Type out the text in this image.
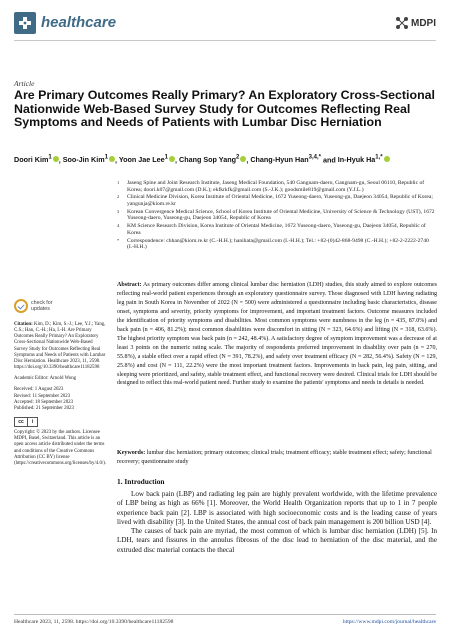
healthcare	MDPI
Article
Are Primary Outcomes Really Primary? An Exploratory Cross-Sectional Nationwide Web-Based Survey Study for Outcomes Reflecting Real Symptoms and Needs of Patients with Lumbar Disc Herniation
Doori Kim$^1$ , Soo-Jin Kim$^1$ , Yoon Jae Lee$^1$ , Chang Sop Yang$^2$ , Chang-Hyun Han$^{3,4,*}$ and In-Hyuk $Ha^{1,*}$
1	Jaseng Spine and Joint Research Institute, Jaseng Medical Foundation, 540 Gangnam-daero, Gangnam-gu, Seoul 06110, Republic of Korea; doori.k07@gmail.com (D.K.); ekfkrkfk@gmail.com (S.-J.K.); goodsmile819@gmail.com (Y.J.L.)
2	Clinical Medicine Division, Korea Institute of Oriental Medicine, 1672 Yuseong-daero, Yuseong-gu, Daejeon 34054, Republic of Korea; yangunja@kiom.re.kr
3	Korean Convergence Medical Science, School of Korea Institute of Oriental Medicine, University of Science & Technology (UST), 1672 Yuseong-daero, Yuseong-gu, Daejeon 34054, Republic of Korea
4	KM Science Research Division, Korea Institute of Oriental Medicine, 1672 Yuseong-daero, Yuseong-gu, Daejeon 34054, Republic of Korea
*	Correspondence: chhan@kiom.re.kr (C.-H.H.); hanihata@gmail.com (I.-H.H.); Tel.: +82-(0)42-868-9498 (C.-H.H.); +82-2-2222-2740 (I.-H.H.)
Abstract: As primary outcomes differ among clinical lumbar disc herniation (LDH) studies, this study aimed to explore outcomes reflecting real-world patient experiences through an exploratory questionnaire survey. Those diagnosed with LDH having radiating leg pain in South Korea in November of 2022 (N = 500) were administered a questionnaire including basic characteristics, disease onset, symptoms and severity, priority symptoms for improvement, and important treatment factors. Outcome measures included the identification of priority symptoms and disabilities. Most common symptoms were numbness in the leg (n = 435, 87.0%) and back pain (n = 406, 81.2%); most common disabilities were discomfort in sitting (N = 323, 64.6%) and lifting (N = 318, 63.6%). The highest priority symptom was back pain (n = 242, 48.4%). A satisfactory degree of symptom improvement was a decrease of at least 3 points on the numeric rating scale. The majority of respondents preferred improvement in disability over pain (n = 270, 55.8%), a stable effect over a rapid effect (N = 391, 78.2%), and safety over treatment efficacy (N = 282, 56.4%). Safety (N = 129, 25.8%) and cost (N = 111, 22.2%) were the most important treatment factors. Improvements in back pain, leg pain, sitting, and sleeping were prioritized, and safety, stable treatment effect, and functional recovery were desired. Clinical trials for LDH should be designed to reflect this real-world patient need. Further study to examine the patients' symptoms and needs in details is needed.
Keywords: lumbar disc herniation; primary outcomes; clinical trials; treatment efficacy; stable treatment effect; safety; functional recovery; questionnaire study
check for
updates

Citation: Kim, D.; Kim, S.-J.; Lee, Y.J.; Yang, C.S.; Han, C.-H.; Ha, I.-H. Are Primary Outcomes Really Primary? An Exploratory Cross-Sectional Nationwide Web-Based Survey Study for Outcomes Reflecting Real Symptoms and Needs of Patients with Lumbar Disc Herniation. Healthcare 2023, 11, 2598. https://doi.org/10.3390/healthcare11182598

Academic Editor: Arnold Wong

Received: 1 August 2023

Revised: 11 September 2023

Accepted: 18 September 2023

Published: 21 September 2023

cc	i

Copyright: © 2023 by the authors. Licensee MDPI, Basel, Switzerland. This article is an open access article distributed under the terms and conditions of the Creative Commons Attribution (CC BY) license (https://creativecommons.org/licenses/by/4.0/).

1. Introduction

Low back pain (LBP) and radiating leg pain are highly prevalent worldwide, with the lifetime prevalence of LBP being as high as 66% [1]. Moreover, the World Health Organization reports that up to 1 in 7 people experience back pain [2]. LBP is associated with high socioeconomic costs and is the leading cause of years lived with disability [3]. In the United States, the annual cost of back pain management is 200 billion USD [4].

The causes of back pain are myriad, the most common of which is lumbar disc herniation (LDH) [5]. In LDH, tears and fissures in the annulus fibrosus of the disc lead to herniation of the disc material, and the extruded disc material contacts the thecal

Healthcare 2023, 11, 2598. https://doi.org/10.3390/healthcare11182598	https://www.mdpi.com/journal/healthcare
